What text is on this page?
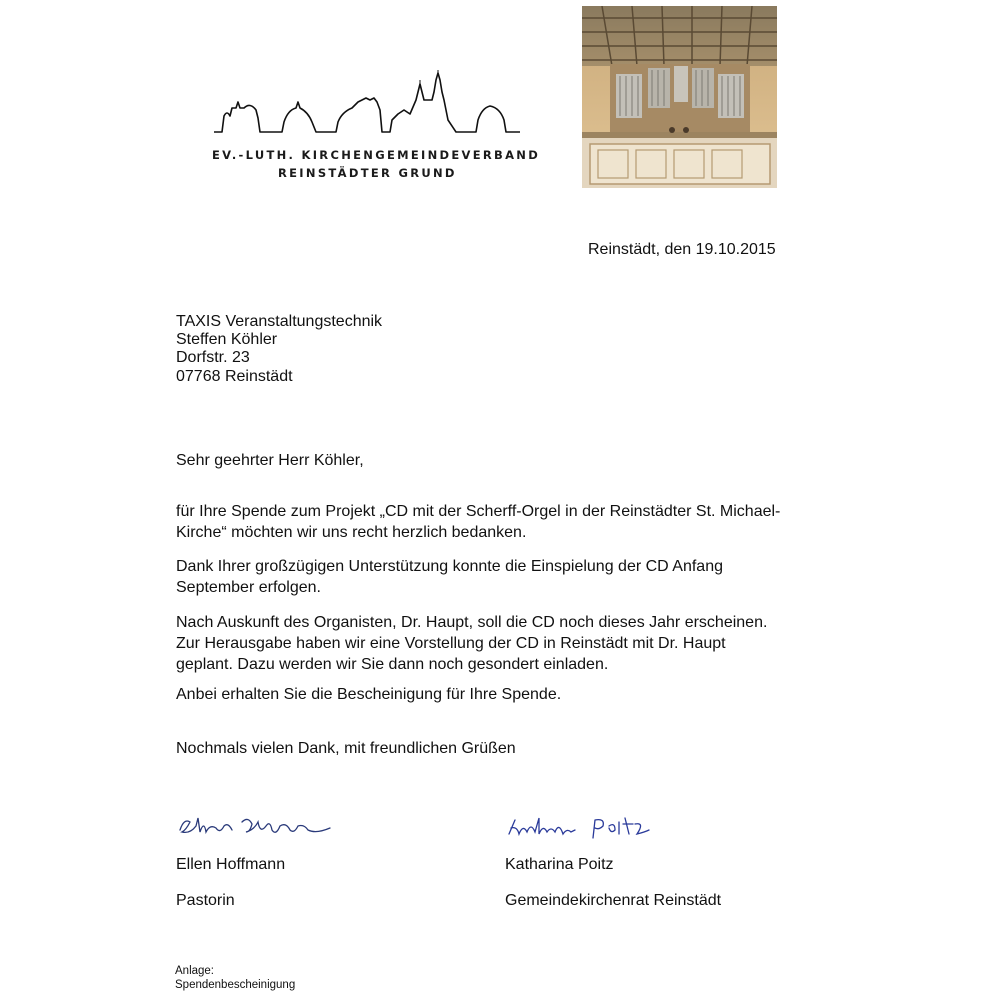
EV.-LUTH. KIRCHENGEMEINDEVERBAND
REINSTÄDTER GRUND
Reinstädt, den 19.10.2015
TAXIS Veranstaltungstechnik
Steffen Köhler
Dorfstr. 23
07768 Reinstädt
Sehr geehrter Herr Köhler,
für Ihre Spende zum Projekt „CD mit der Scherff-Orgel in der Reinstädter St. Michael-Kirche“ möchten wir uns recht herzlich bedanken.
Dank Ihrer großzügigen Unterstützung konnte die Einspielung der CD Anfang September erfolgen.
Nach Auskunft des Organisten, Dr. Haupt, soll die CD noch dieses Jahr erscheinen. Zur Herausgabe haben wir eine Vorstellung der CD in Reinstädt mit Dr. Haupt geplant. Dazu werden wir Sie dann noch gesondert einladen.
Anbei erhalten Sie die Bescheinigung für Ihre Spende.
Nochmals vielen Dank, mit freundlichen Grüßen
Ellen Hoffmann
Pastorin
Katharina Poitz
Gemeindekirchenrat Reinstädt
Anlage:
Spendenbescheinigung
